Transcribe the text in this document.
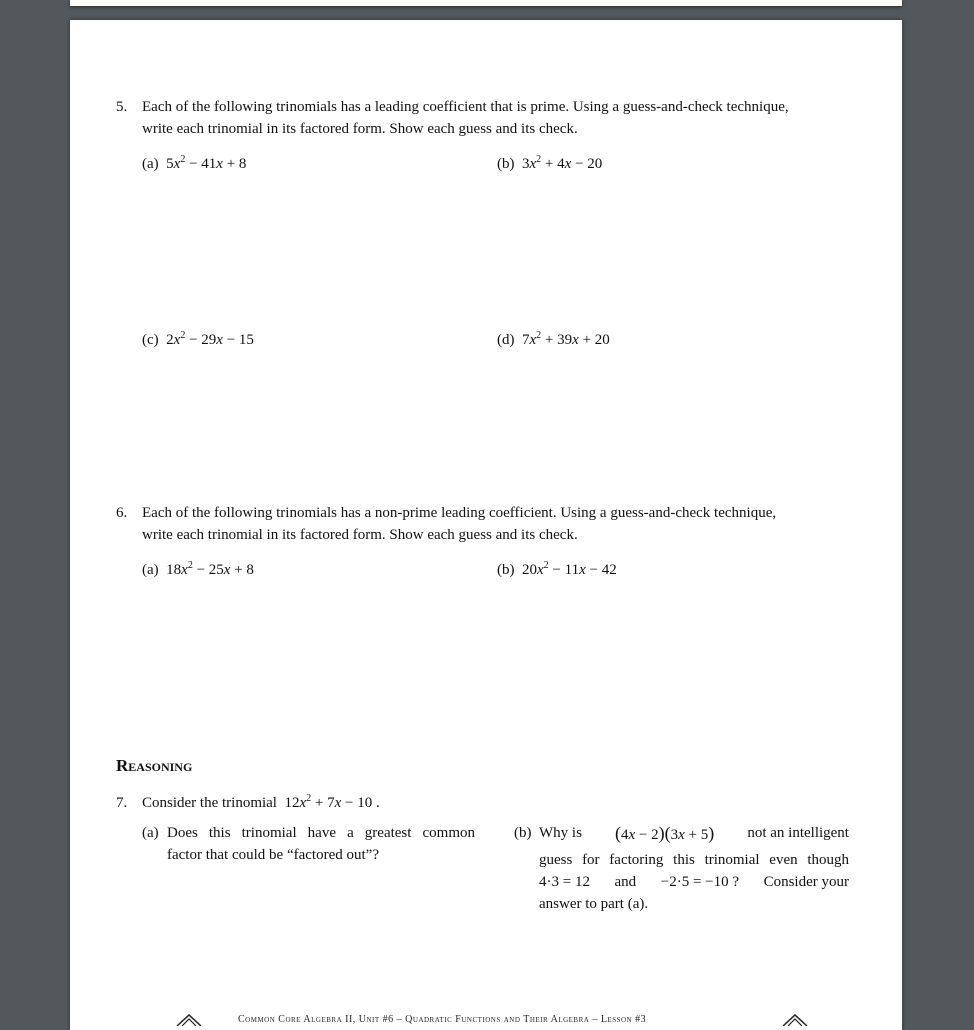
5. Each of the following trinomials has a leading coefficient that is prime. Using a guess-and-check technique,
write each trinomial in its factored form. Show each guess and its check.
(a)  $5x^2 - 41x + 8$	(b)  $3x^2 + 4x - 20$
(c)  $2x^2 - 29x - 15$	(d)  $7x^2 + 39x + 20$
6. Each of the following trinomials has a non-prime leading coefficient. Using a guess-and-check technique,
write each trinomial in its factored form. Show each guess and its check.
(a)  $18x^2 - 25x + 8$	(b)  $20x^2 - 11x - 42$
Reasoning
7. Consider the trinomial  $12x^2 + 7x - 10$ .
(a) Does this trinomial have a greatest common
factor that could be “factored out”?
(b) Why is (4x − 2)(3x + 5) not an intelligent
guess for factoring this trinomial even though
4·3 = 12 and −2·5 = −10 ? Consider your
answer to part (a).
Common Core Algebra II, Unit #6 – Quadratic Functions and Their Algebra – Lesson #3
